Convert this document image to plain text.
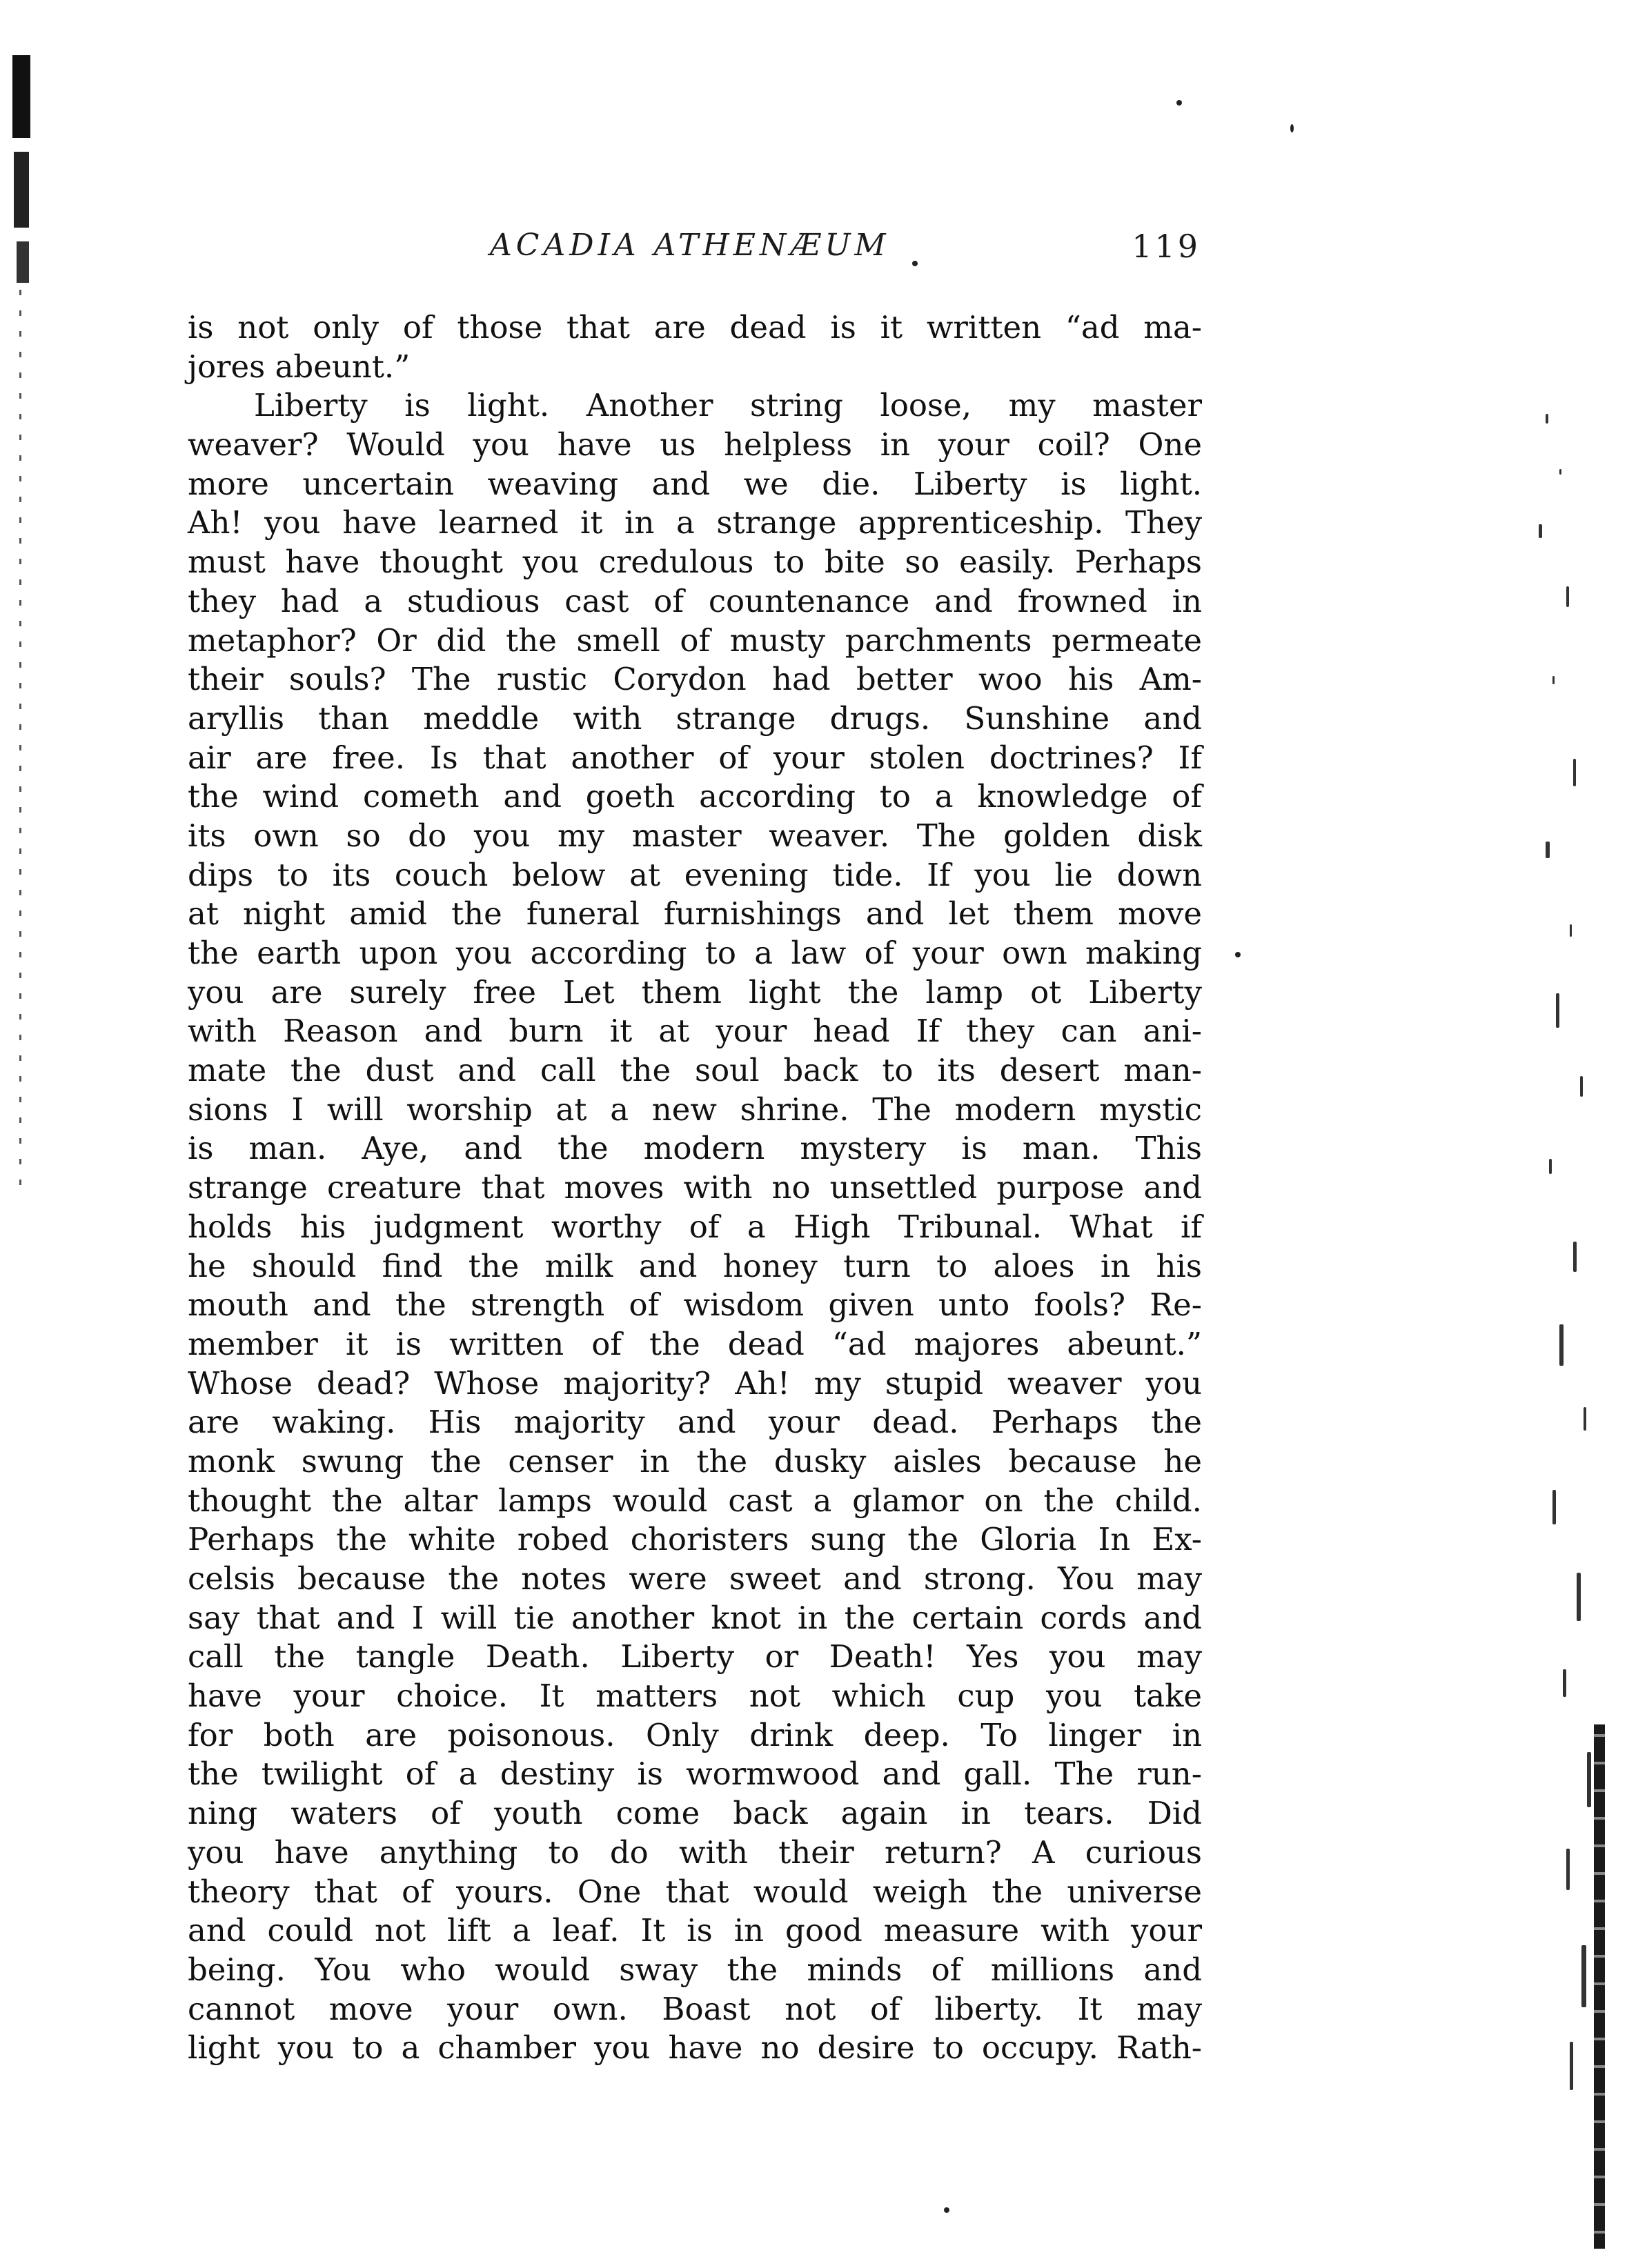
ACADIA ATHENÆUM	119
is not only of those that are dead is it written “ad ma-
jores abeunt.”
Liberty is light. Another string loose, my master
weaver? Would you have us helpless in your coil? One
more uncertain weaving and we die. Liberty is light.
Ah! you have learned it in a strange apprenticeship. They
must have thought you credulous to bite so easily. Perhaps
they had a studious cast of countenance and frowned in
metaphor? Or did the smell of musty parchments permeate
their souls? The rustic Corydon had better woo his Am-
aryllis than meddle with strange drugs. Sunshine and
air are free. Is that another of your stolen doctrines? If
the wind cometh and goeth according to a knowledge of
its own so do you my master weaver. The golden disk
dips to its couch below at evening tide. If you lie down
at night amid the funeral furnishings and let them move
the earth upon you according to a law of your own making
you are surely free Let them light the lamp ot Liberty
with Reason and burn it at your head If they can ani-
mate the dust and call the soul back to its desert man-
sions I will worship at a new shrine. The modern mystic
is man. Aye, and the modern mystery is man. This
strange creature that moves with no unsettled purpose and
holds his judgment worthy of a High Tribunal. What if
he should find the milk and honey turn to aloes in his
mouth and the strength of wisdom given unto fools? Re-
member it is written of the dead “ad majores abeunt.”
Whose dead? Whose majority? Ah! my stupid weaver you
are waking. His majority and your dead. Perhaps the
monk swung the censer in the dusky aisles because he
thought the altar lamps would cast a glamor on the child.
Perhaps the white robed choristers sung the Gloria In Ex-
celsis because the notes were sweet and strong. You may
say that and I will tie another knot in the certain cords and
call the tangle Death. Liberty or Death! Yes you may
have your choice. It matters not which cup you take
for both are poisonous. Only drink deep. To linger in
the twilight of a destiny is wormwood and gall. The run-
ning waters of youth come back again in tears. Did
you have anything to do with their return? A curious
theory that of yours. One that would weigh the universe
and could not lift a leaf. It is in good measure with your
being. You who would sway the minds of millions and
cannot move your own. Boast not of liberty. It may
light you to a chamber you have no desire to occupy. Rath-
